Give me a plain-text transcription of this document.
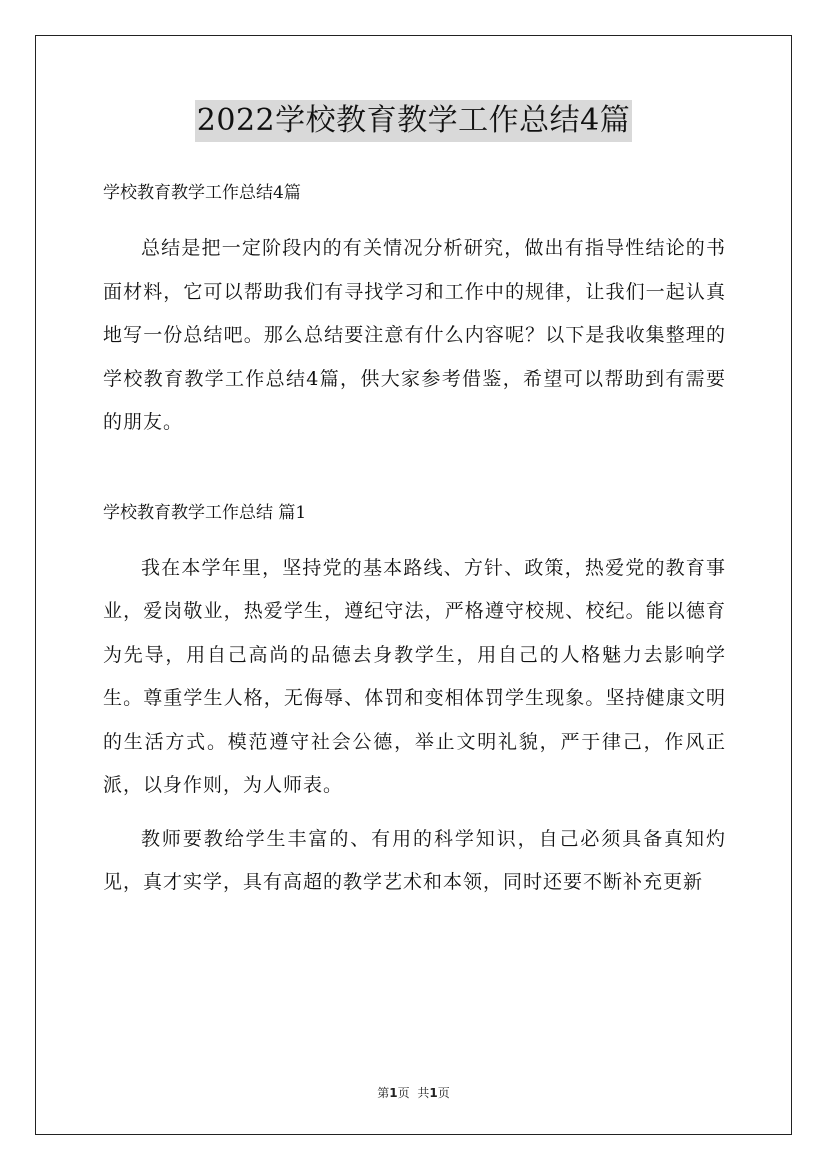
2022学校教育教学工作总结4篇

学校教育教学工作总结4篇

总结是把一定阶段内的有关情况分析研究，做出有指导性结论的书面材料，它可以帮助我们有寻找学习和工作中的规律，让我们一起认真地写一份总结吧。那么总结要注意有什么内容呢？以下是我收集整理的学校教育教学工作总结4篇，供大家参考借鉴，希望可以帮助到有需要的朋友。

学校教育教学工作总结 篇1

我在本学年里，坚持党的基本路线、方针、政策，热爱党的教育事业，爱岗敬业，热爱学生，遵纪守法，严格遵守校规、校纪。能以德育为先导，用自己高尚的品德去身教学生，用自己的人格魅力去影响学生。尊重学生人格，无侮辱、体罚和变相体罚学生现象。坚持健康文明的生活方式。模范遵守社会公德，举止文明礼貌，严于律己，作风正派，以身作则，为人师表。

教师要教给学生丰富的、有用的科学知识，自己必须具备真知灼见，真才实学，具有高超的教学艺术和本领，同时还要不断补充更新

第1页 共1页
